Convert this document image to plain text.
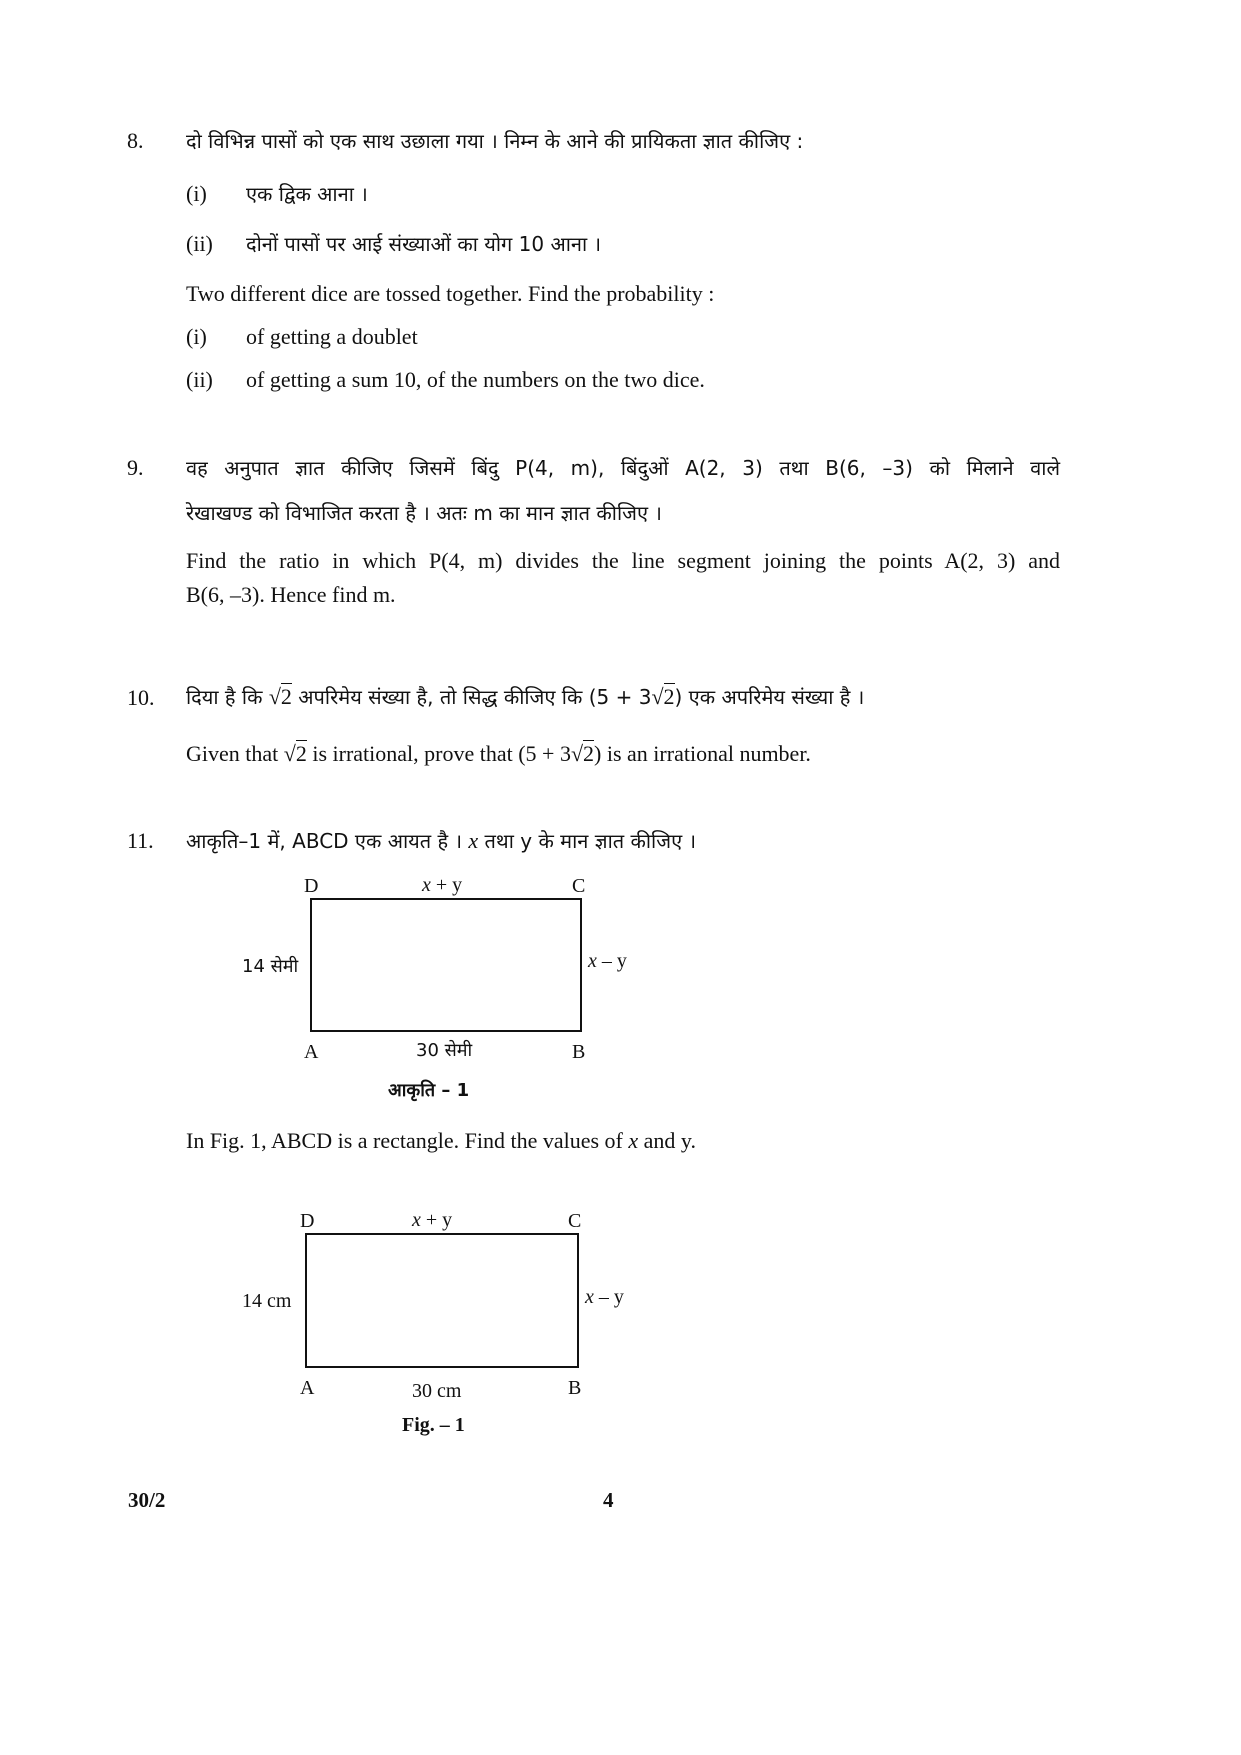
8. दो विभिन्न पासों को एक साथ उछाला गया । निम्न के आने की प्रायिकता ज्ञात कीजिए :
(i) एक द्विक आना ।
(ii) दोनों पासों पर आई संख्याओं का योग 10 आना ।
Two different dice are tossed together. Find the probability :
(i) of getting a doublet
(ii) of getting a sum 10, of the numbers on the two dice.
9. वह अनुपात ज्ञात कीजिए जिसमें बिंदु P(4, m), बिंदुओं A(2, 3) तथा B(6, –3) को मिलाने वाले
रेखाखण्ड को विभाजित करता है । अतः m का मान ज्ञात कीजिए ।
Find the ratio in which P(4, m) divides the line segment joining the points A(2, 3) and
B(6, –3). Hence find m.
10. दिया है कि √2 अपरिमेय संख्या है, तो सिद्ध कीजिए कि (5 + 3√2) एक अपरिमेय संख्या है ।
Given that √2 is irrational, prove that (5 + 3√2) is an irrational number.
11. आकृति–1 में, ABCD एक आयत है । x तथा y के मान ज्ञात कीजिए ।
D	x + y	C
14 सेमी	x – y
A	30 सेमी	B
आकृति – 1
In Fig. 1, ABCD is a rectangle. Find the values of x and y.
D	x + y	C
14 cm	x – y
A	30 cm	B
Fig. – 1
30/2	4
